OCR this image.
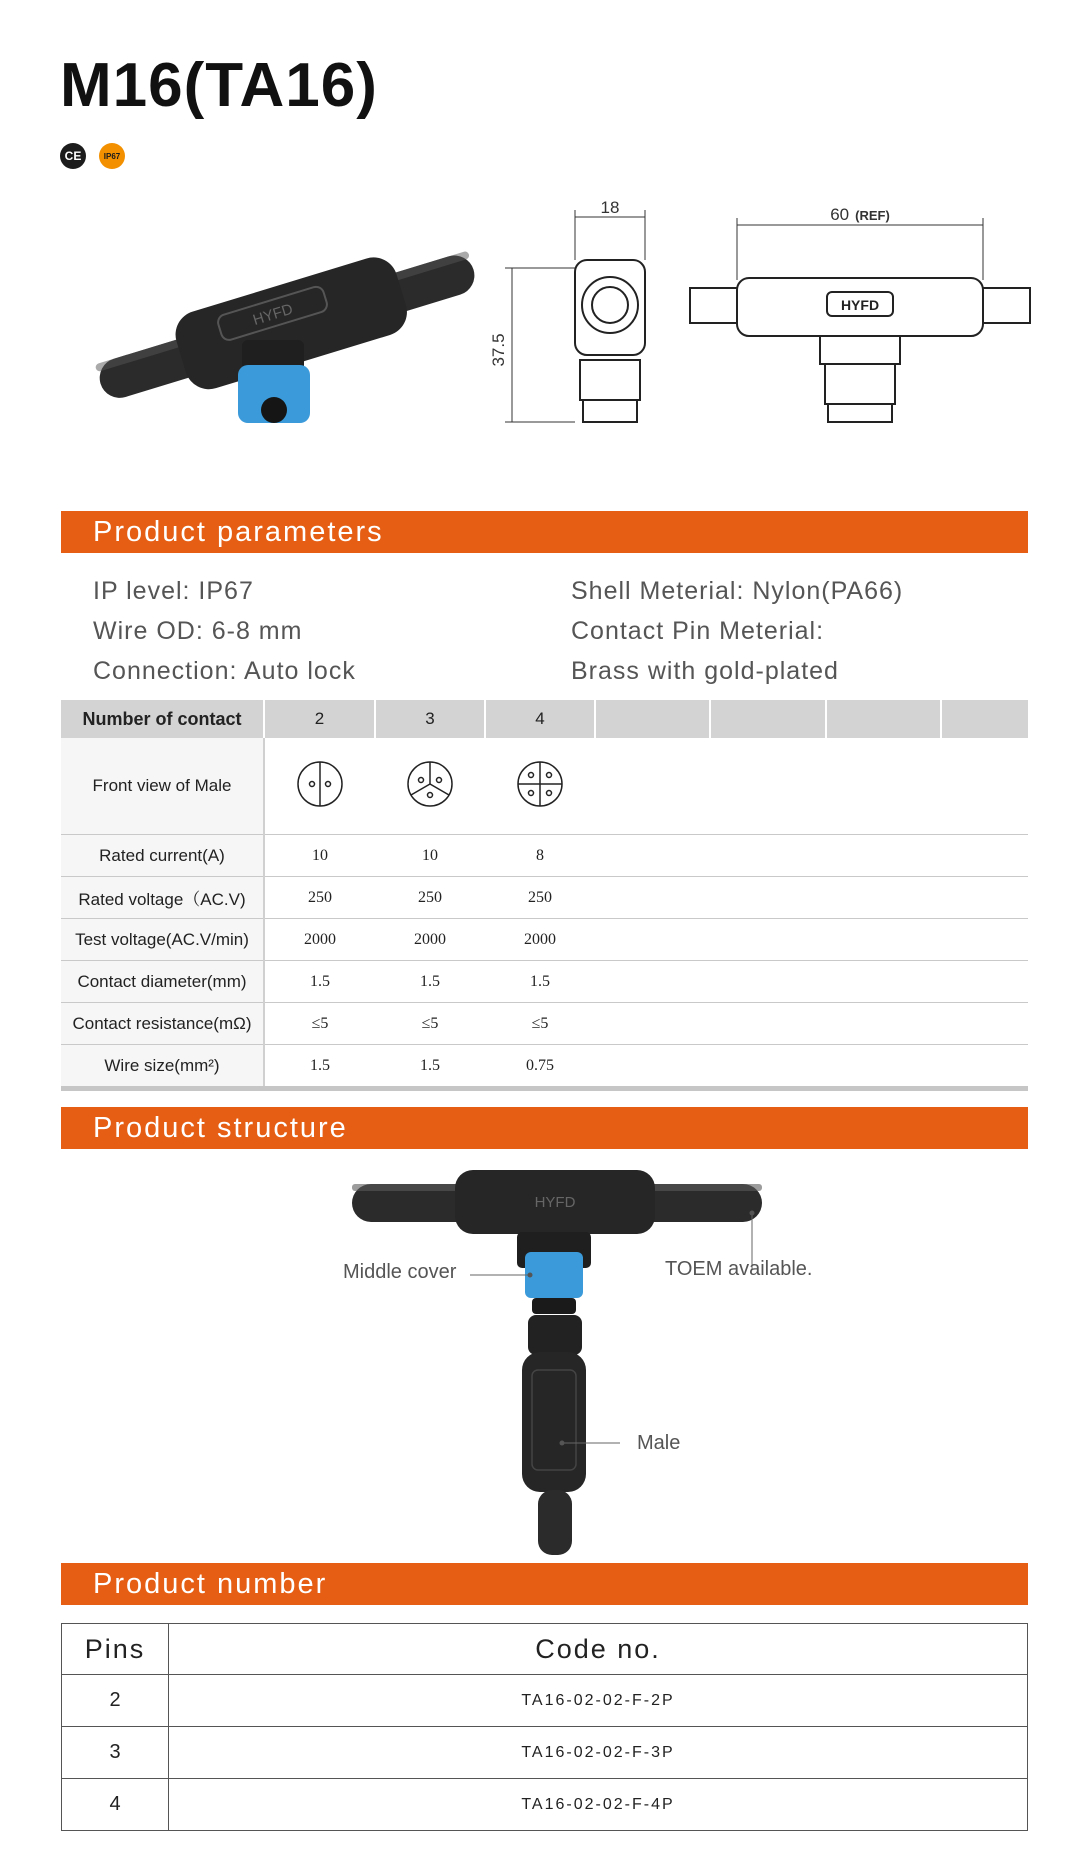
M16(TA16)
CE	IP67
HYFD
18
37.5
60 (REF)
HYFD
Product parameters
IP level: IP67
Wire OD: 6-8 mm
Connection: Auto lock
Shell Meterial: Nylon(PA66)
Contact Pin Meterial:
Brass with gold-plated
Number of contact	2	3	4				
Front view of Male							
Rated current(A)	10	10	8				
Rated voltage（AC.V)	250	250	250				
Test voltage(AC.V/min)	2000	2000	2000				
Contact diameter(mm)	1.5	1.5	1.5				
Contact resistance(mΩ)	≤5	≤5	≤5				
Wire size(mm²)	1.5	1.5	0.75				
Product structure
HYFD
Middle cover	TOEM available.
Male
Product number
Pins	Code no.
2	TA16-02-02-F-2P
3	TA16-02-02-F-3P
4	TA16-02-02-F-4P
